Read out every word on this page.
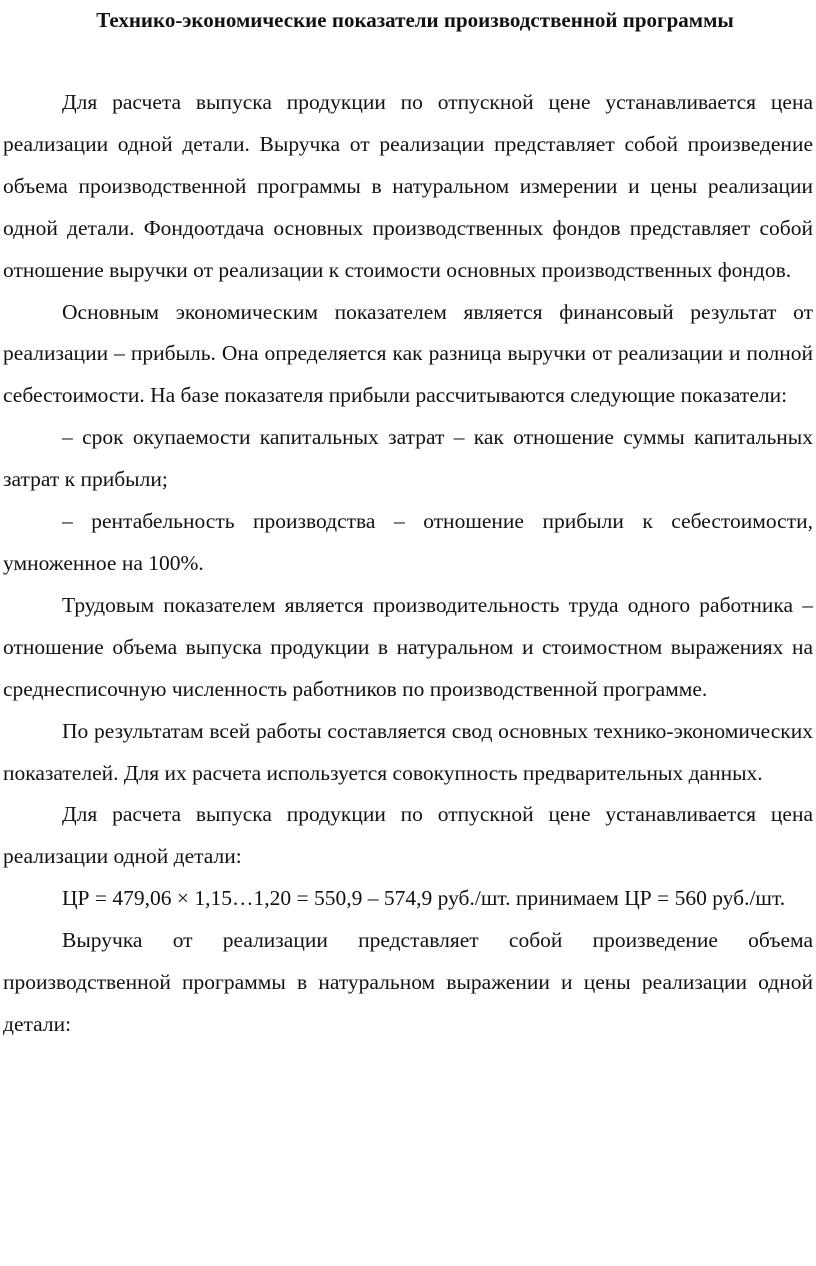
Технико-экономические показатели производственной программы

Для расчета выпуска продукции по отпускной цене устанавливается цена реализации одной детали. Выручка от реализации представляет собой произведение объема производственной программы в натуральном измерении и цены реализации одной детали. Фондоотдача основных производственных фондов представляет собой отношение выручки от реализации к стоимости основных производственных фондов.

Основным экономическим показателем является финансовый результат от реализации – прибыль. Она определяется как разница выручки от реализации и полной себестоимости. На базе показателя прибыли рассчитываются следующие показатели:

– срок окупаемости капитальных затрат – как отношение суммы капитальных затрат к прибыли;

– рентабельность производства – отношение прибыли к себестоимости, умноженное на 100%.

Трудовым показателем является производительность труда одного работника – отношение объема выпуска продукции в натуральном и стоимостном выражениях на среднесписочную численность работников по производственной программе.

По результатам всей работы составляется свод основных технико-экономических показателей. Для их расчета используется совокупность предварительных данных.

Для расчета выпуска продукции по отпускной цене устанавливается цена реализации одной детали:

ЦР = 479,06 × 1,15…1,20 = 550,9 – 574,9 руб./шт. принимаем ЦР = 560 руб./шт.

Выручка от реализации представляет собой произведение объема производственной программы в натуральном выражении и цены реализации одной детали:
